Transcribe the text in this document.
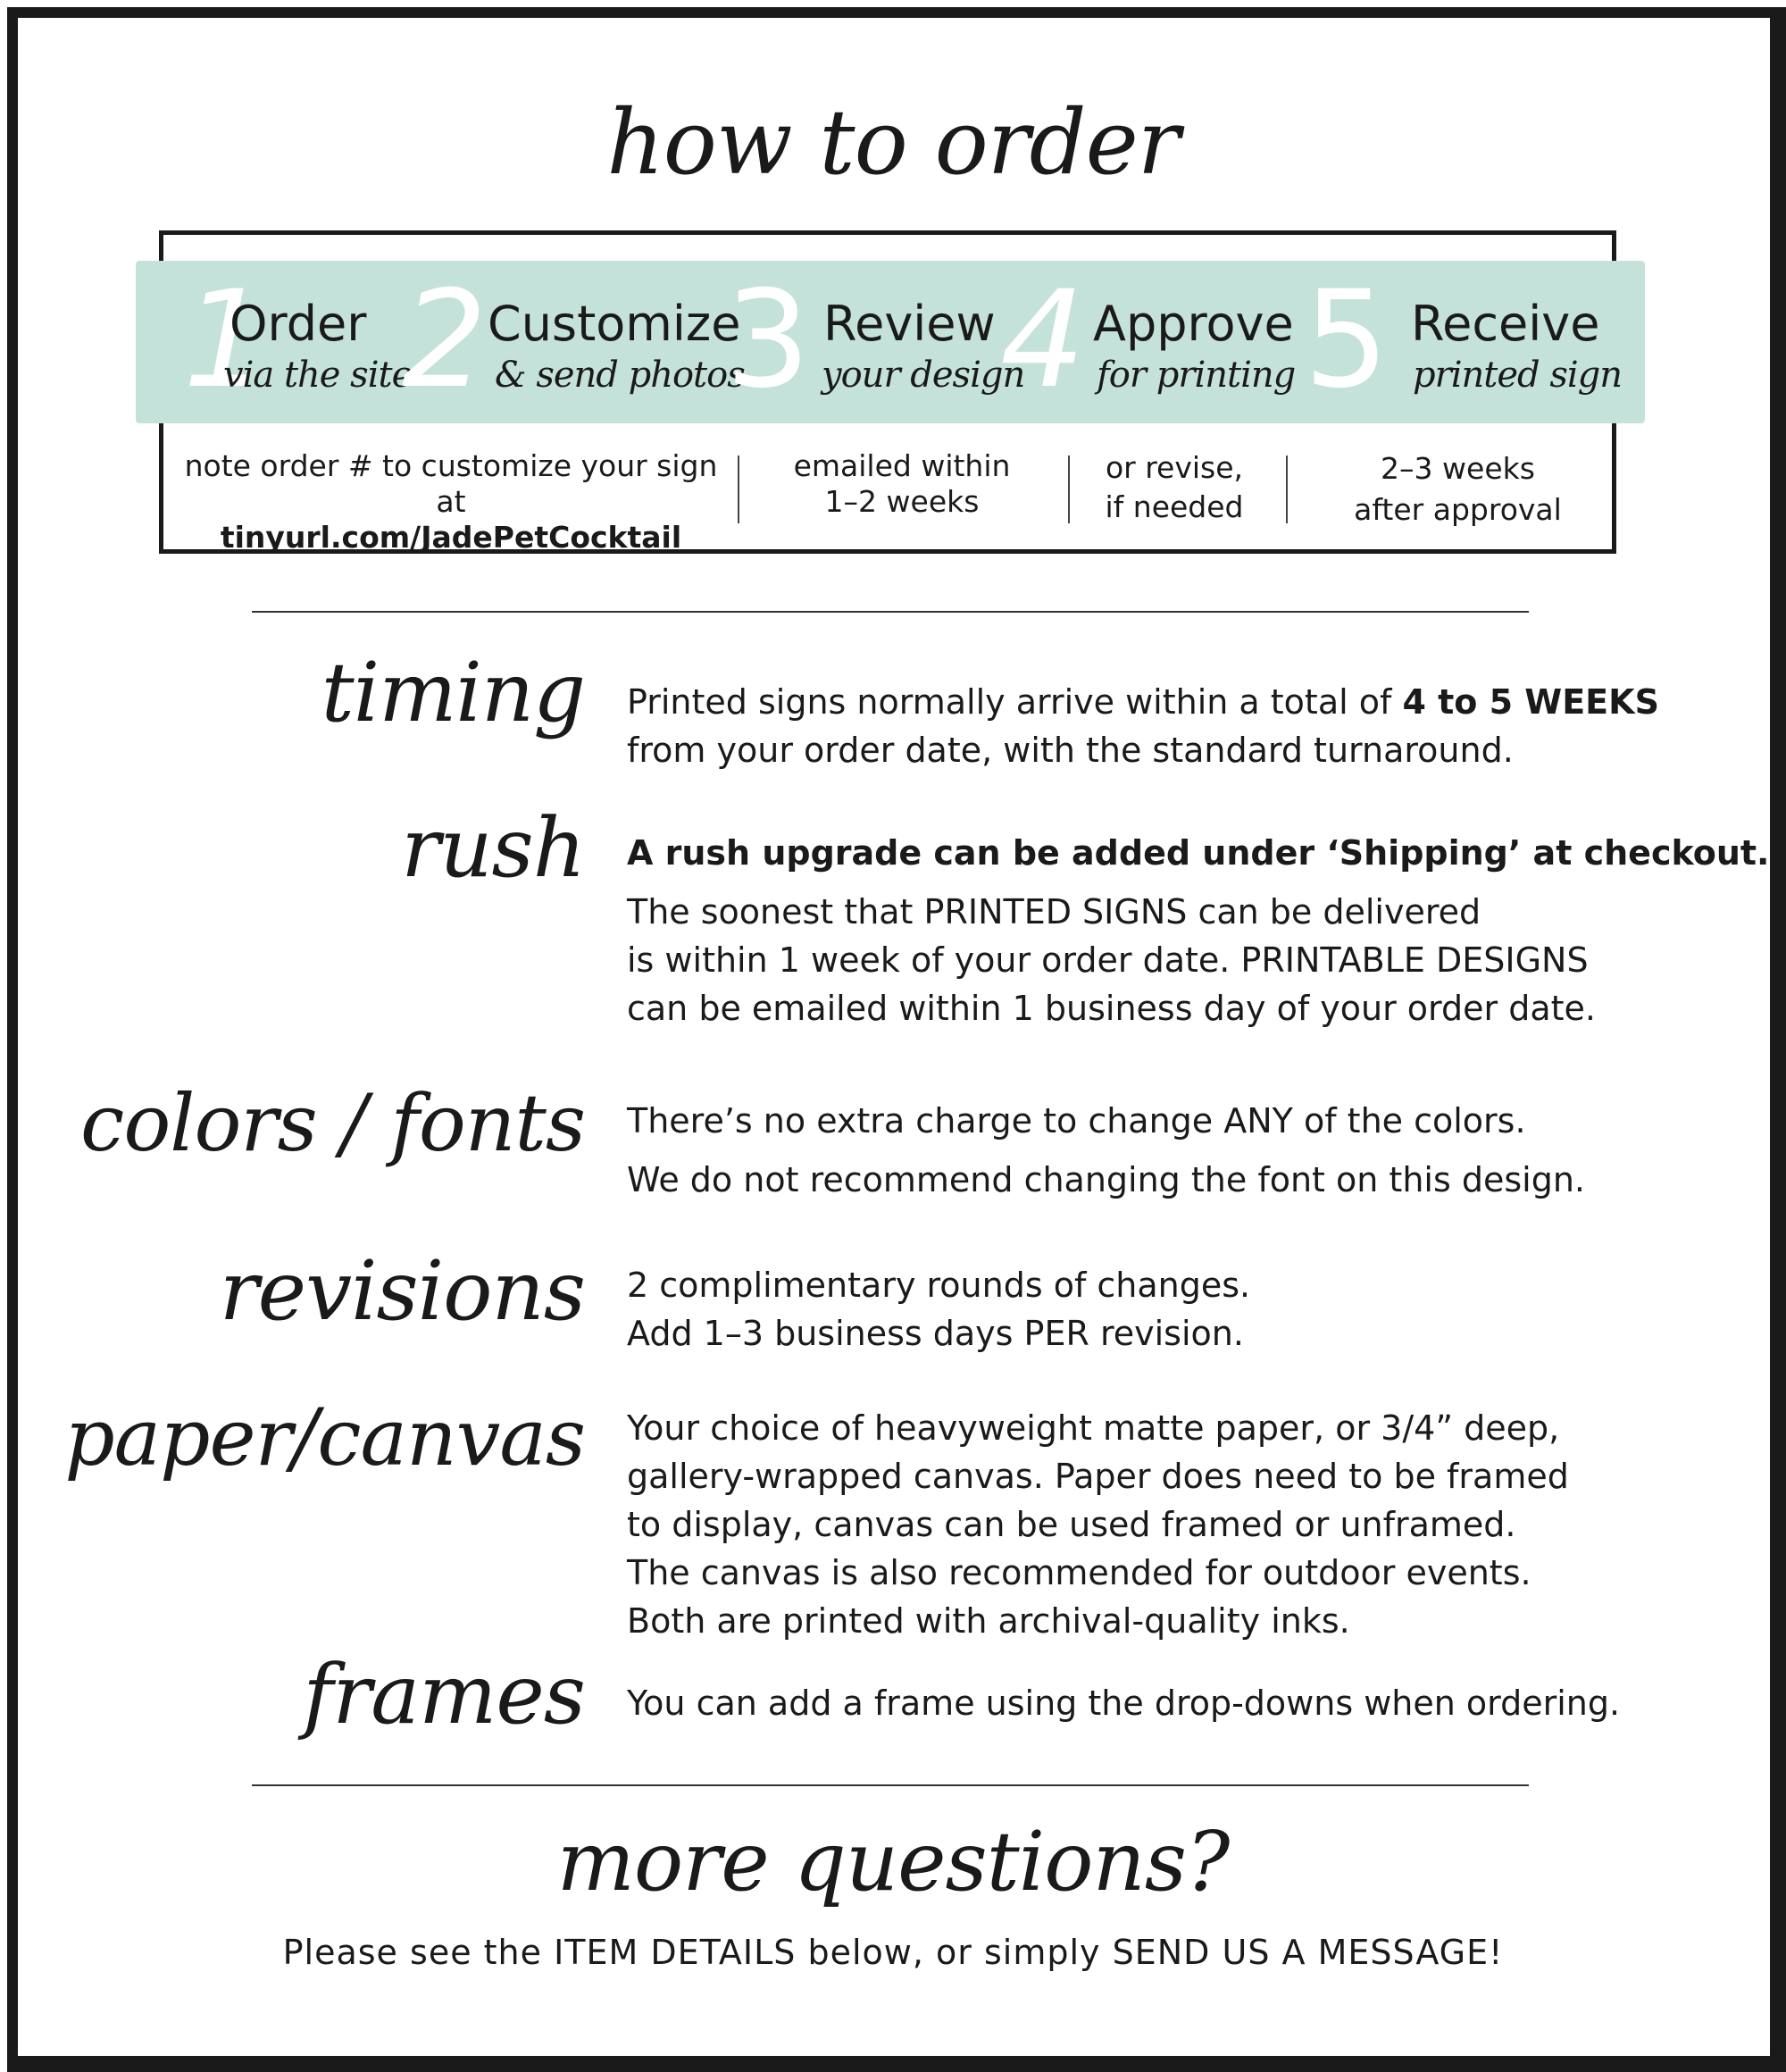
how to order
1
Order
via the site
2 Customize
& send photos
3 Review
your design
4 Approve
for printing 5 Receive
printed sign
note order # to customize your sign at
tinyurl.com/JadePetCocktail
emailed within
1–2 weeks
or revise,
if needed
2–3 weeks
after approval
timing Printed signs normally arrive within a total of 4 to 5 WEEKS
from your order date, with the standard turnaround.
rush A rush upgrade can be added under ‘Shipping’ at checkout.
The soonest that PRINTED SIGNS can be delivered
is within 1 week of your order date. PRINTABLE DESIGNS
can be emailed within 1 business day of your order date.
colors / fonts There’s no extra charge to change ANY of the colors.
We do not recommend changing the font on this design.
revisions 2 complimentary rounds of changes.
Add 1–3 business days PER revision.
paper/canvas Your choice of heavyweight matte paper, or 3/4” deep,
gallery-wrapped canvas. Paper does need to be framed
to display, canvas can be used framed or unframed.
The canvas is also recommended for outdoor events.
Both are printed with archival-quality inks.
frames You can add a frame using the drop-downs when ordering.
more questions?
Please see the ITEM DETAILS below, or simply SEND US A MESSAGE!
